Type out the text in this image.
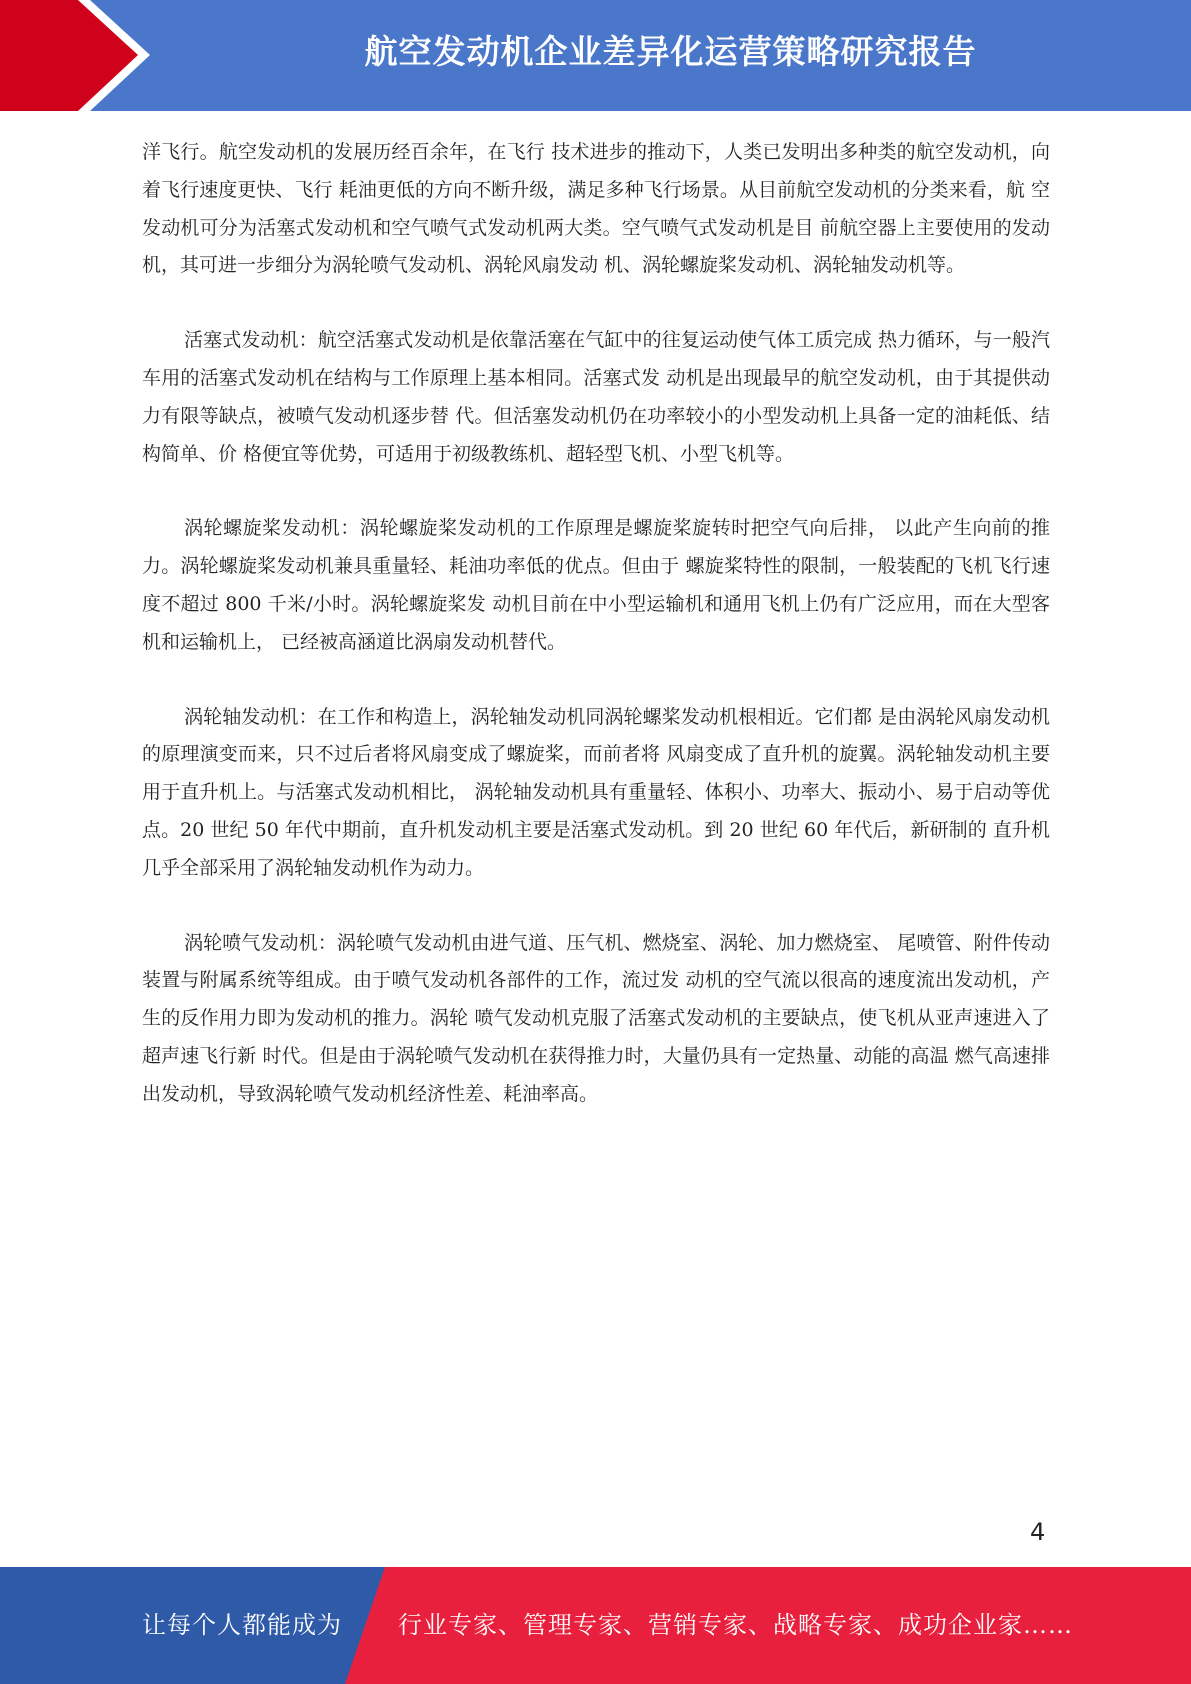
航空发动机企业差异化运营策略研究报告

洋飞行。航空发动机的发展历经百余年，在飞行 技术进步的推动下，人类已发明出多种类的航空发动机，向着飞行速度更快、飞行 耗油更低的方向不断升级，满足多种飞行场景。从目前航空发动机的分类来看，航 空发动机可分为活塞式发动机和空气喷气式发动机两大类。空气喷气式发动机是目 前航空器上主要使用的发动机，其可进一步细分为涡轮喷气发动机、涡轮风扇发动 机、涡轮螺旋桨发动机、涡轮轴发动机等。

活塞式发动机：航空活塞式发动机是依靠活塞在气缸中的往复运动使气体工质完成 热力循环，与一般汽车用的活塞式发动机在结构与工作原理上基本相同。活塞式发 动机是出现最早的航空发动机，由于其提供动力有限等缺点，被喷气发动机逐步替 代。但活塞发动机仍在功率较小的小型发动机上具备一定的油耗低、结构简单、价 格便宜等优势，可适用于初级教练机、超轻型飞机、小型飞机等。

涡轮螺旋桨发动机：涡轮螺旋桨发动机的工作原理是螺旋桨旋转时把空气向后排， 以此产生向前的推力。涡轮螺旋桨发动机兼具重量轻、耗油功率低的优点。但由于 螺旋桨特性的限制，一般装配的飞机飞行速度不超过 800 千米/小时。涡轮螺旋桨发 动机目前在中小型运输机和通用飞机上仍有广泛应用，而在大型客机和运输机上， 已经被高涵道比涡扇发动机替代。

涡轮轴发动机：在工作和构造上，涡轮轴发动机同涡轮螺桨发动机根相近。它们都 是由涡轮风扇发动机的原理演变而来，只不过后者将风扇变成了螺旋桨，而前者将 风扇变成了直升机的旋翼。涡轮轴发动机主要用于直升机上。与活塞式发动机相比， 涡轮轴发动机具有重量轻、体积小、功率大、振动小、易于启动等优点。20 世纪 50 年代中期前，直升机发动机主要是活塞式发动机。到 20 世纪 60 年代后，新研制的 直升机几乎全部采用了涡轮轴发动机作为动力。

涡轮喷气发动机：涡轮喷气发动机由进气道、压气机、燃烧室、涡轮、加力燃烧室、 尾喷管、附件传动装置与附属系统等组成。由于喷气发动机各部件的工作，流过发 动机的空气流以很高的速度流出发动机，产生的反作用力即为发动机的推力。涡轮 喷气发动机克服了活塞式发动机的主要缺点，使飞机从亚声速进入了超声速飞行新 时代。但是由于涡轮喷气发动机在获得推力时，大量仍具有一定热量、动能的高温 燃气高速排出发动机，导致涡轮喷气发动机经济性差、耗油率高。

4
让每个人都能成为 行业专家、管理专家、营销专家、战略专家、成功企业家……
